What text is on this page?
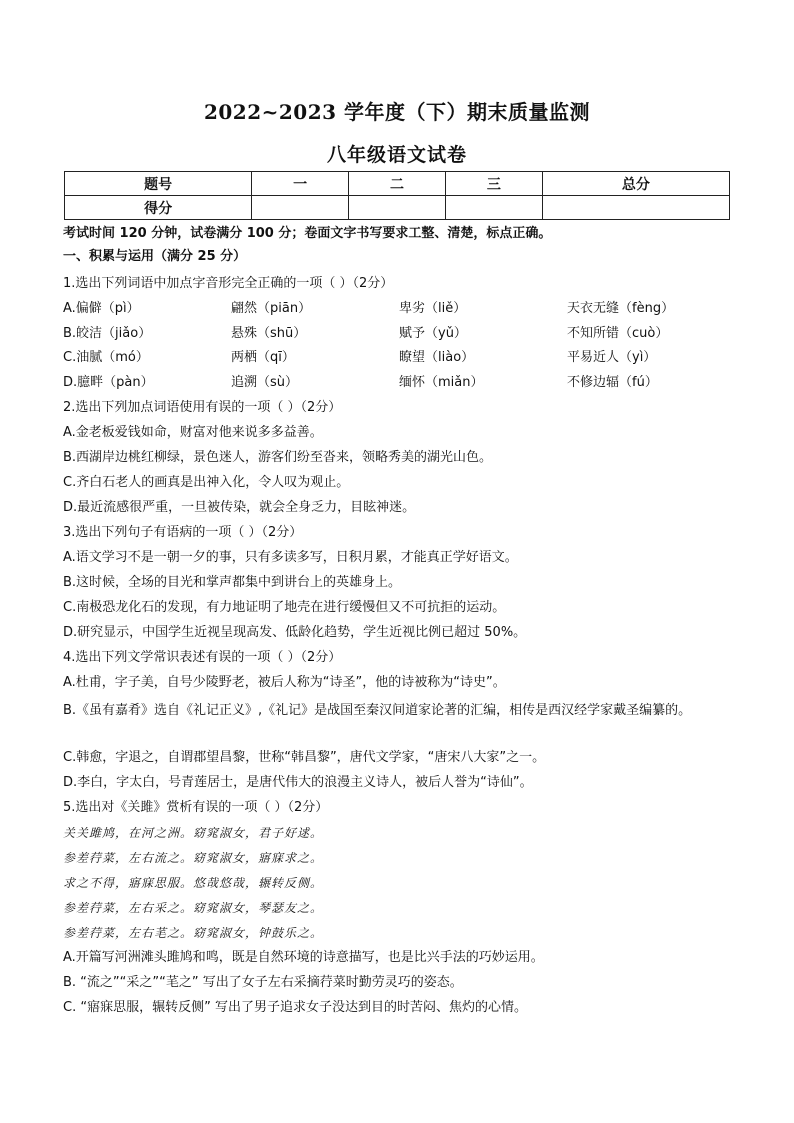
2022~2023 学年度（下）期末质量监测
八年级语文试卷
题号	一	二	三	总分
得分				
考试时间 120 分钟，试卷满分 100 分；卷面文字书写要求工整、清楚，标点正确。
一、积累与运用（满分 25 分）
1.选出下列词语中加点字音形完全正确的一项（ ）（2分）
A.偏僻（pì）	翩然（piān）	卑劣（liě）	天衣无缝（fèng）
B.皎洁（jiǎo）	悬殊（shū）	赋予（yǔ）	不知所错（cuò）
C.油腻（mó）	两栖（qī）	瞭望（liào）	平易近人（yì）
D.臆畔（pàn）	追溯（sù）	缅怀（miǎn）	不修边辐（fú）
2.选出下列加点词语使用有误的一项（ ）（2分）
A.金老板爱钱如命，财富对他来说多多益善。
B.西湖岸边桃红柳绿，景色迷人，游客们纷至沓来，领略秀美的湖光山色。
C.齐白石老人的画真是出神入化，令人叹为观止。
D.最近流感很严重，一旦被传染，就会全身乏力，目眩神迷。
3.选出下列句子有语病的一项（ ）（2分）
A.语文学习不是一朝一夕的事，只有多读多写，日积月累，才能真正学好语文。
B.这时候，全场的目光和掌声都集中到讲台上的英雄身上。
C.南极恐龙化石的发现，有力地证明了地壳在进行缓慢但又不可抗拒的运动。
D.研究显示，中国学生近视呈现高发、低龄化趋势，学生近视比例已超过 50%。
4.选出下列文学常识表述有误的一项（ ）（2分）
A.杜甫，字子美，自号少陵野老，被后人称为“诗圣”，他的诗被称为“诗史”。
B.《虽有嘉肴》选自《礼记正义》,《礼记》是战国至秦汉间道家论著的汇编，相传是西汉经学家戴圣编纂的。
C.韩愈，字退之，自谓郡望昌黎，世称“韩昌黎”，唐代文学家，“唐宋八大家”之一。
D.李白，字太白，号青莲居士，是唐代伟大的浪漫主义诗人，被后人誉为“诗仙”。
5.选出对《关雎》赏析有误的一项（ ）（2分）
关关雎鸠，在河之洲。窈窕淑女，君子好逑。
参差荇菜，左右流之。窈窕淑女，寤寐求之。
求之不得，寤寐思服。悠哉悠哉，辗转反侧。
参差荇菜，左右采之。窈窕淑女，琴瑟友之。
参差荇菜，左右芼之。窈窕淑女，钟鼓乐之。
A.开篇写河洲滩头雎鸠和鸣，既是自然环境的诗意描写，也是比兴手法的巧妙运用。
B. “流之”“采之”“芼之” 写出了女子左右采摘荇菜时勤劳灵巧的姿态。
C. “寤寐思服，辗转反侧” 写出了男子追求女子没达到目的时苦闷、焦灼的心情。
